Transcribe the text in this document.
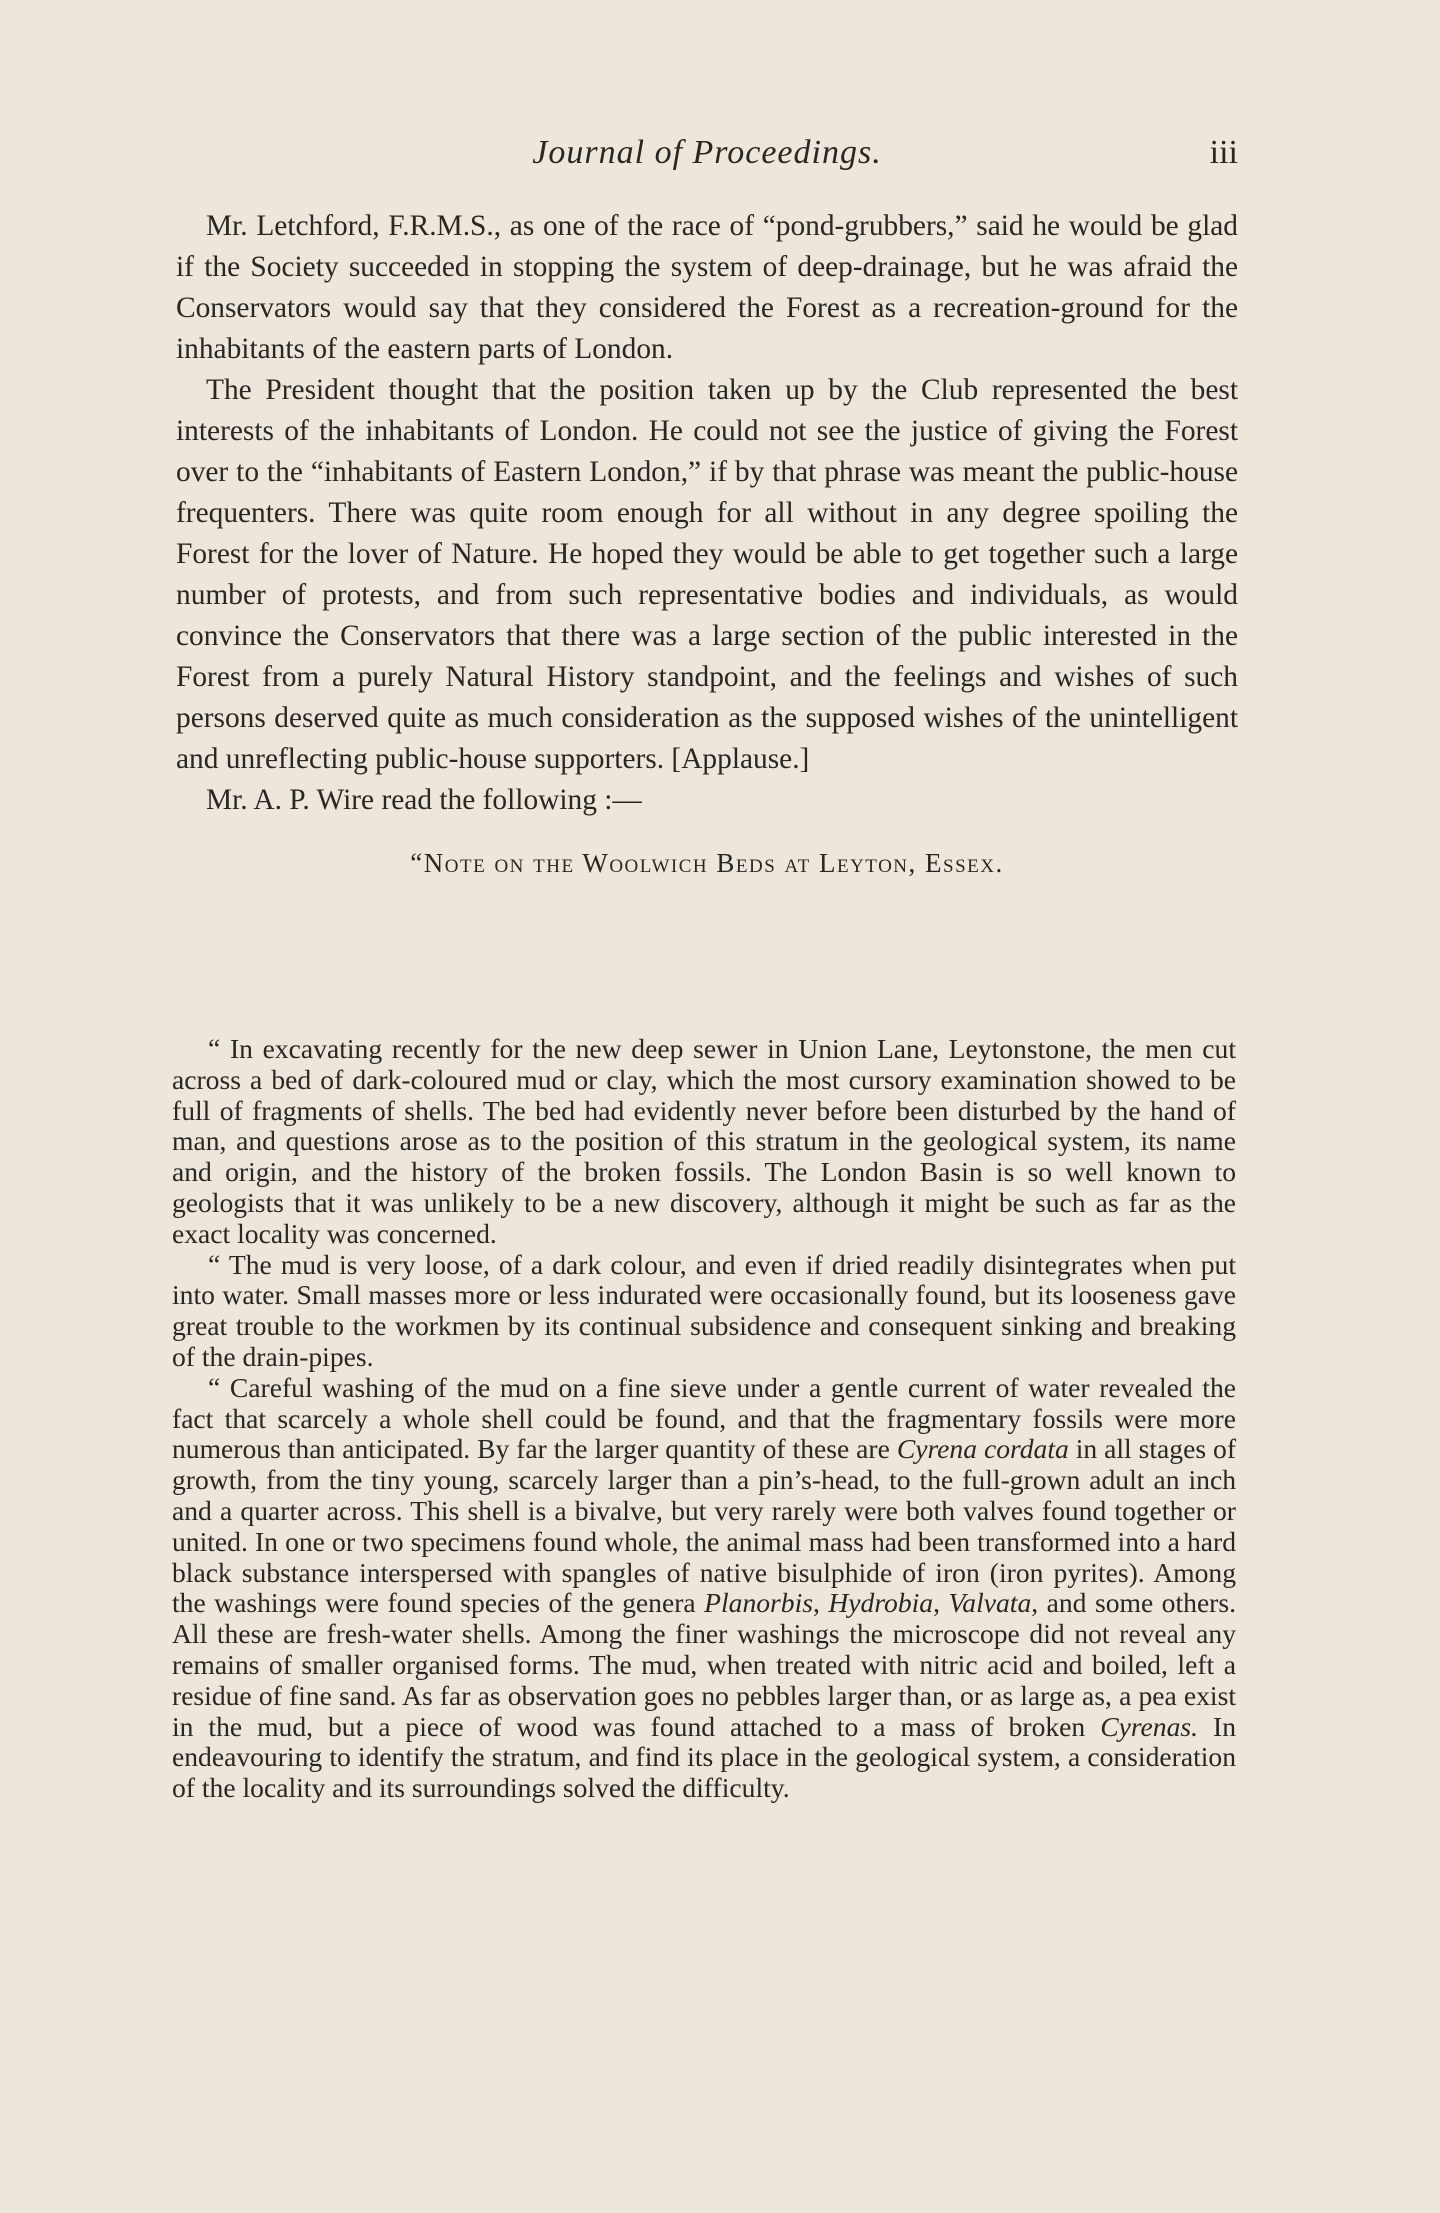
Journal of Proceedings.	iii

Mr. Letchford, F.R.M.S., as one of the race of “pond-grubbers,” said he would be glad if the Society succeeded in stopping the system of deep-drainage, but he was afraid the Conservators would say that they considered the Forest as a recreation-ground for the inhabitants of the eastern parts of London.

The President thought that the position taken up by the Club represented the best interests of the inhabitants of London. He could not see the justice of giving the Forest over to the “inhabitants of Eastern London,” if by that phrase was meant the public-house frequenters. There was quite room enough for all without in any degree spoiling the Forest for the lover of Nature. He hoped they would be able to get together such a large number of protests, and from such representative bodies and individuals, as would convince the Conservators that there was a large section of the public interested in the Forest from a purely Natural History standpoint, and the feelings and wishes of such persons deserved quite as much consideration as the supposed wishes of the unintelligent and unreflecting public-house supporters. [Applause.]

Mr. A. P. Wire read the following :—

“Note on the Woolwich Beds at Leyton, Essex.

“ In excavating recently for the new deep sewer in Union Lane, Leytonstone, the men cut across a bed of dark-coloured mud or clay, which the most cursory examination showed to be full of fragments of shells. The bed had evidently never before been disturbed by the hand of man, and questions arose as to the position of this stratum in the geological system, its name and origin, and the history of the broken fossils. The London Basin is so well known to geologists that it was unlikely to be a new discovery, although it might be such as far as the exact locality was concerned.

“ The mud is very loose, of a dark colour, and even if dried readily disintegrates when put into water. Small masses more or less indurated were occasionally found, but its looseness gave great trouble to the workmen by its continual subsidence and consequent sinking and breaking of the drain-pipes.

“ Careful washing of the mud on a fine sieve under a gentle current of water revealed the fact that scarcely a whole shell could be found, and that the fragmentary fossils were more numerous than anticipated. By far the larger quantity of these are Cyrena cordata in all stages of growth, from the tiny young, scarcely larger than a pin’s-head, to the full-grown adult an inch and a quarter across. This shell is a bivalve, but very rarely were both valves found together or united. In one or two specimens found whole, the animal mass had been transformed into a hard black substance interspersed with spangles of native bisulphide of iron (iron pyrites). Among the washings were found species of the genera Planorbis, Hydrobia, Valvata, and some others. All these are fresh-water shells. Among the finer washings the microscope did not reveal any remains of smaller organised forms. The mud, when treated with nitric acid and boiled, left a residue of fine sand. As far as observation goes no pebbles larger than, or as large as, a pea exist in the mud, but a piece of wood was found attached to a mass of broken Cyrenas. In endeavouring to identify the stratum, and find its place in the geological system, a consideration of the locality and its surroundings solved the difficulty.
